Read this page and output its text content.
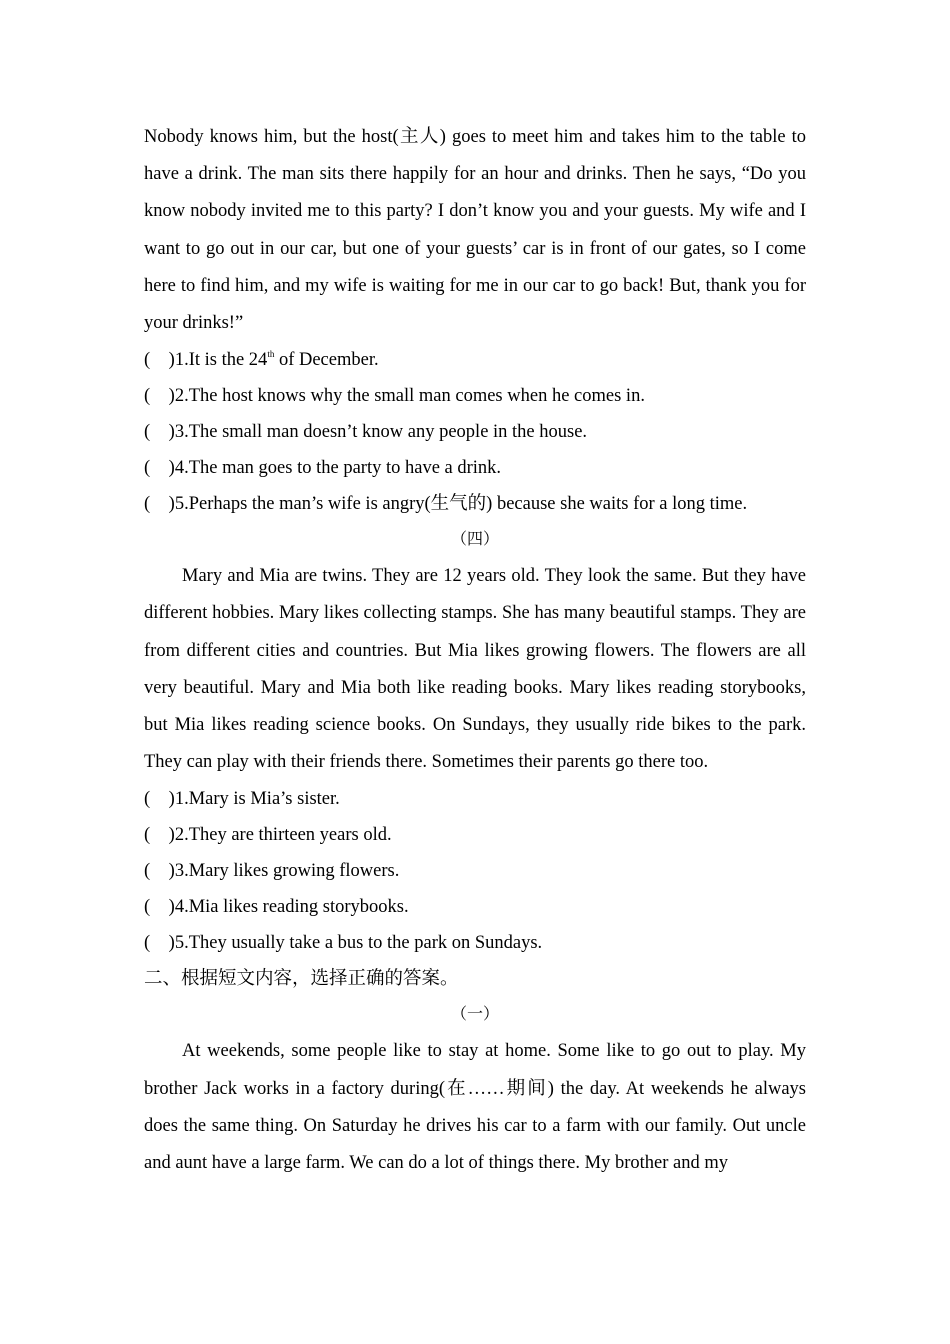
Nobody knows him, but the host(主人) goes to meet him and takes him to the table to have a drink. The man sits there happily for an hour and drinks. Then he says, “Do you know nobody invited me to this party? I don’t know you and your guests. My wife and I want to go out in our car, but one of your guests’ car is in front of our gates, so I come here to find him, and my wife is waiting for me in our car to go back! But, thank you for your drinks!”

(    )1.It is the 24th of December.

(    )2.The host knows why the small man comes when he comes in.

(    )3.The small man doesn’t know any people in the house.

(    )4.The man goes to the party to have a drink.

(    )5.Perhaps the man’s wife is angry(生气的) because she waits for a long time.

（四）

Mary and Mia are twins. They are 12 years old. They look the same. But they have different hobbies. Mary likes collecting stamps. She has many beautiful stamps. They are from different cities and countries. But Mia likes growing flowers. The flowers are all very beautiful. Mary and Mia both like reading books. Mary likes reading storybooks, but Mia likes reading science books. On Sundays, they usually ride bikes to the park. They can play with their friends there. Sometimes their parents go there too.

(    )1.Mary is Mia’s sister.

(    )2.They are thirteen years old.

(    )3.Mary likes growing flowers.

(    )4.Mia likes reading storybooks.

(    )5.They usually take a bus to the park on Sundays.

二、根据短文内容，选择正确的答案。

（一）

At weekends, some people like to stay at home. Some like to go out to play. My brother Jack works in a factory during(在……期间) the day. At weekends he always does the same thing. On Saturday he drives his car to a farm with our family. Out uncle and aunt have a large farm. We can do a lot of things there. My brother and my
